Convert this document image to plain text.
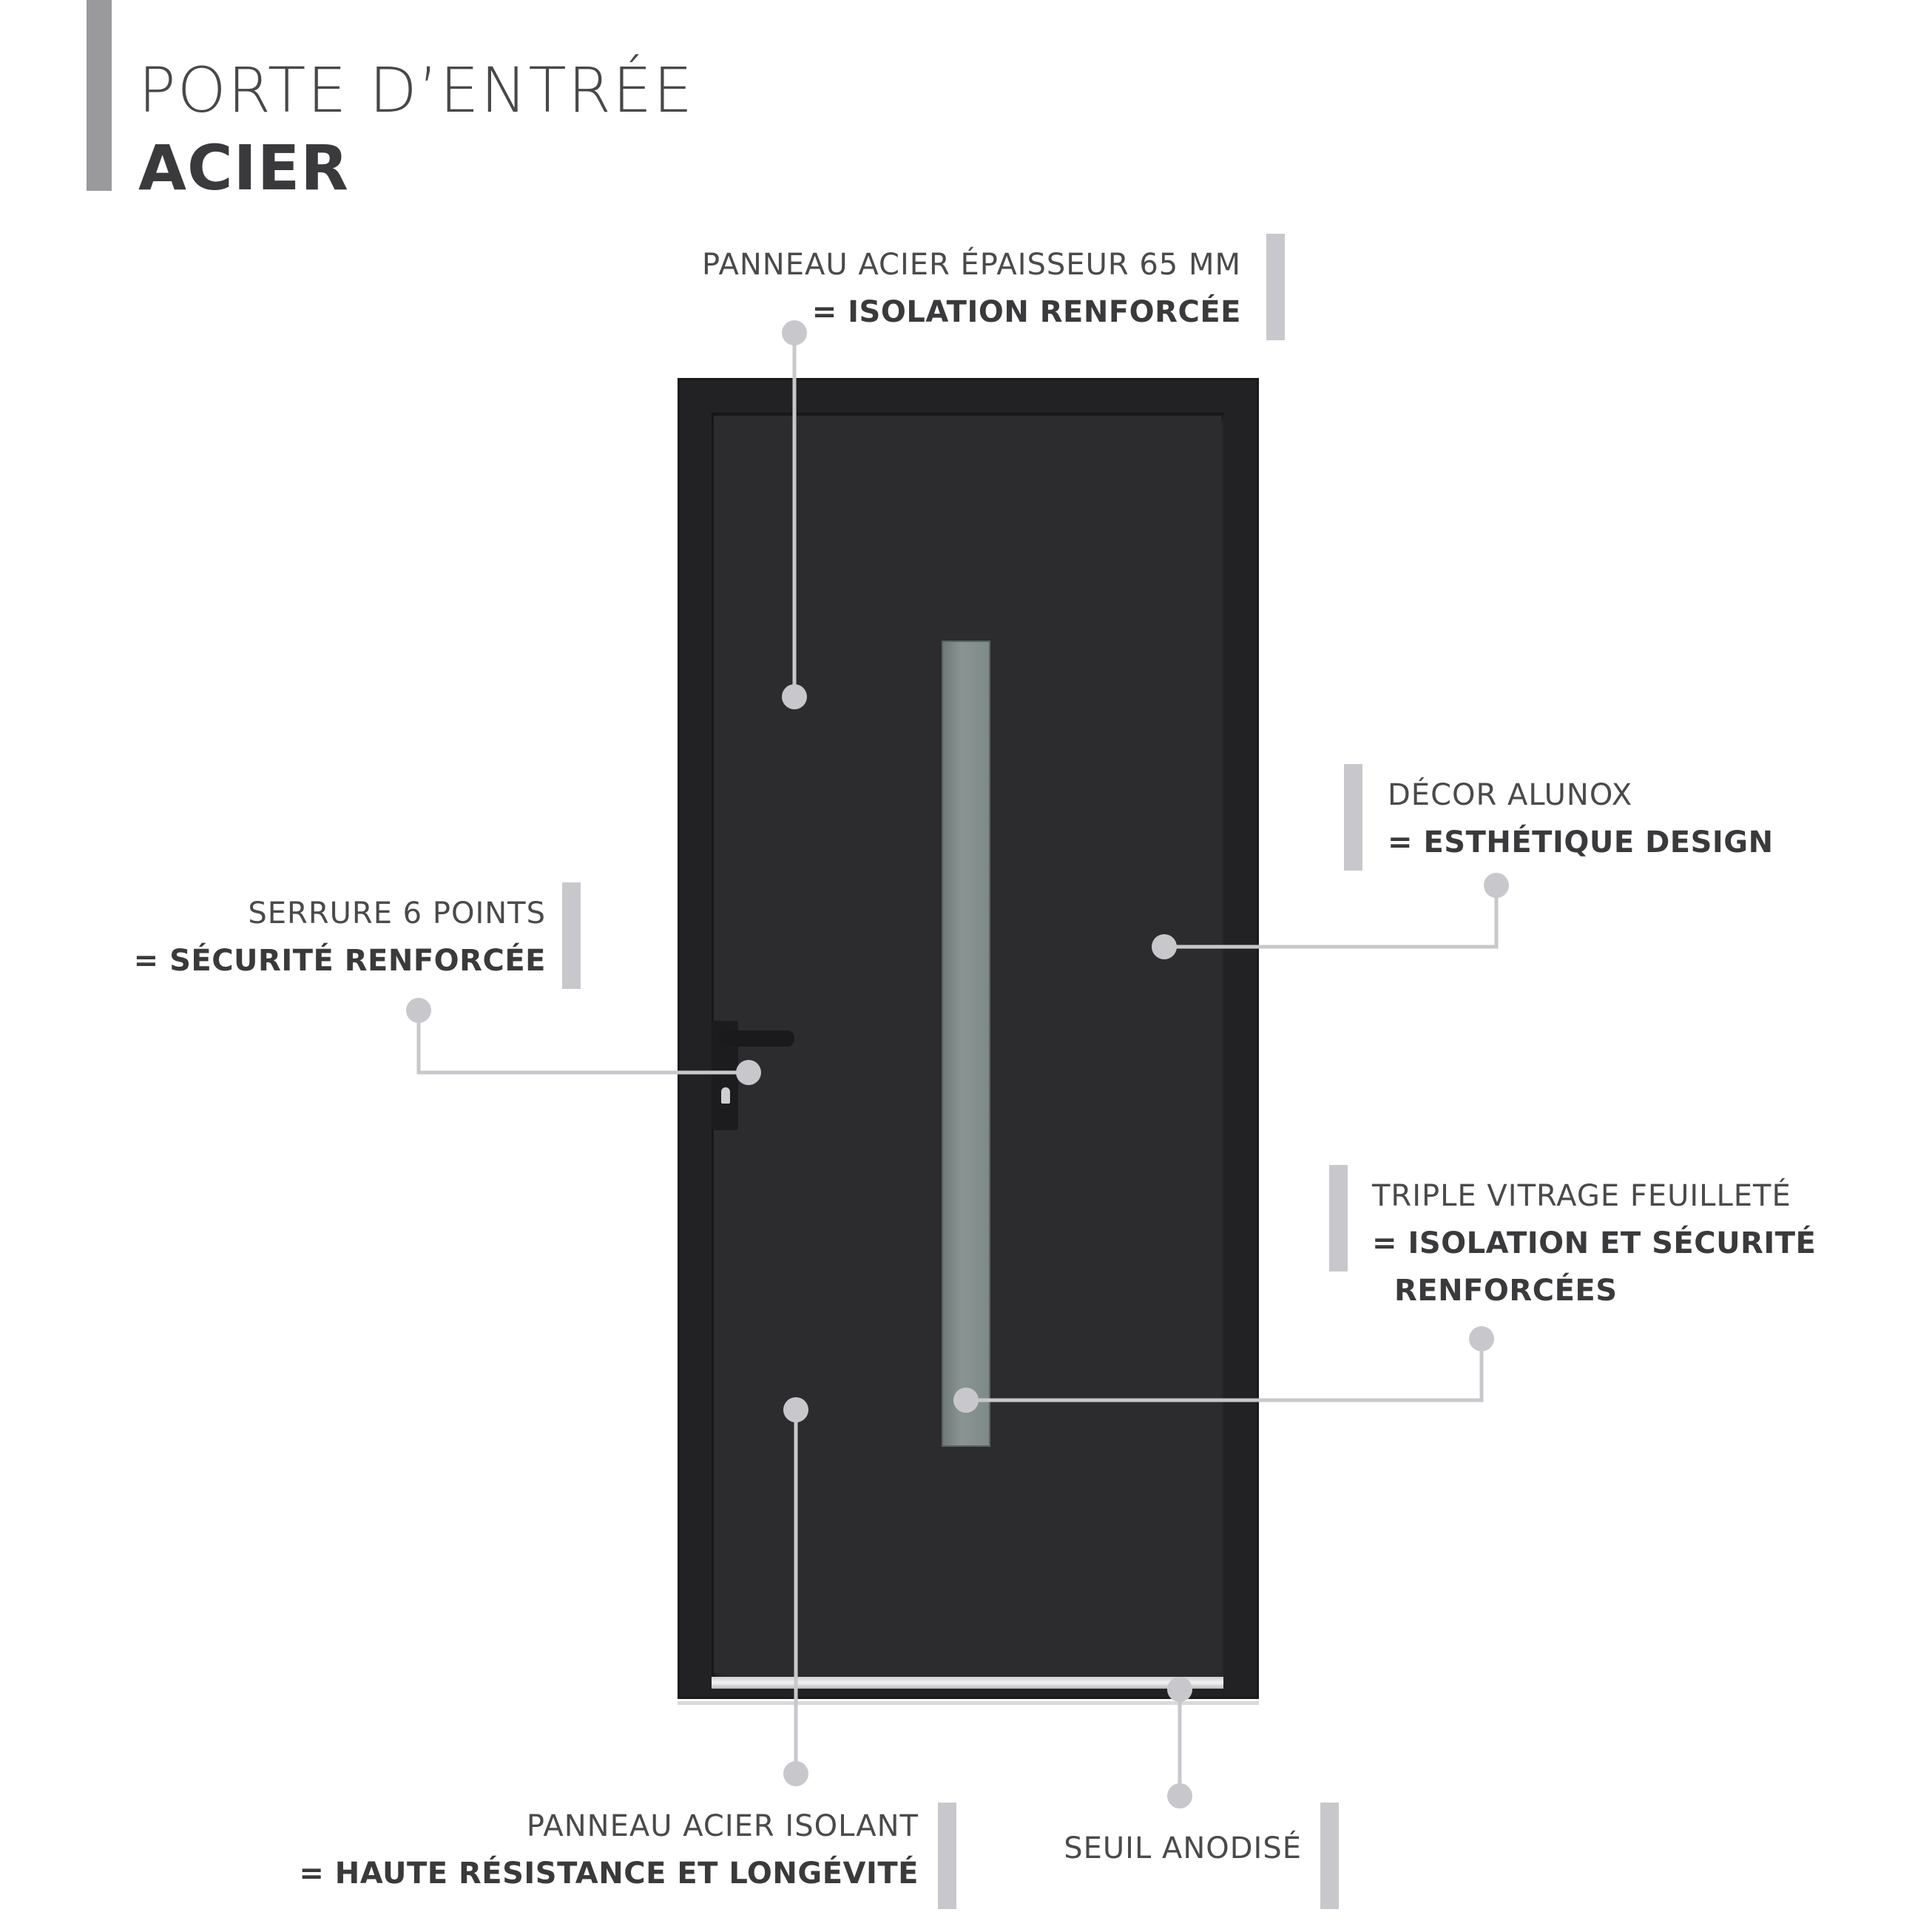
PORTE D’ENTRÉE
ACIER
PANNEAU ACIER ÉPAISSEUR 65 MM
= ISOLATION RENFORCÉE
DÉCOR ALUNOX
= ESTHÉTIQUE DESIGN
SERRURE 6 POINTS
= SÉCURITÉ RENFORCÉE
TRIPLE VITRAGE FEUILLETÉ
= ISOLATION ET SÉCURITÉ
RENFORCÉES
PANNEAU ACIER ISOLANT
= HAUTE RÉSISTANCE ET LONGÉVITÉ
SEUIL ANODISÉ
